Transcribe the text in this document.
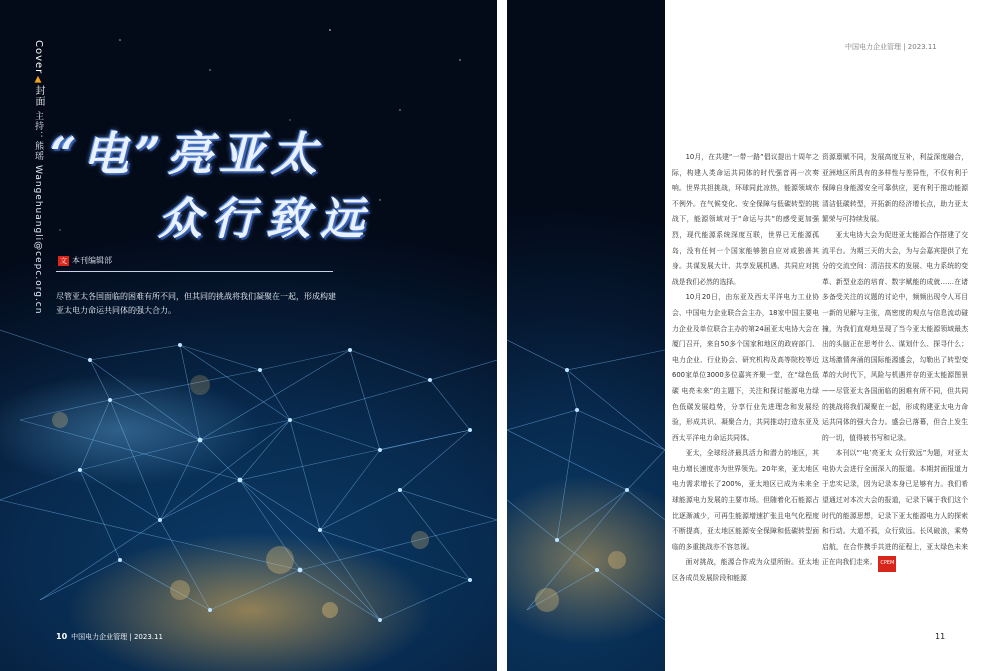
Cover▲封面 主持：熊瑶 Wangehuangli@cepc.org.cn
“电”亮亚太
众行致远
文 本刊编辑部
尽管亚太各国面临的困难有所不同，但其同的挑战将我们凝聚在一起，形成构建亚太电力命运共同体的强大合力。
10 中国电力企业管理 | 2023.11
中国电力企业管理 | 2023.11

10月，在共建“一带一路”倡议提出十周年之际，构建人类命运共同体的时代强音再一次奏响。世界共担挑战，环球同此凉热，能源领域亦不例外。在气候变化、安全保障与低碳转型的挑战下，能源领域对于“命运与共”的感受更加强烈，现代能源系统深度互联，世界已无能源孤岛，没有任何一个国家能够独自应对或独善其身。共谋发展大计、共享发展机遇、共同应对挑战是我们必然的选择。

10月20日，由东亚及西太平洋电力工业协会、中国电力企业联合会主办，18家中国主要电力企业及单位联合主办的第24届亚太电协大会在厦门召开，来自50多个国家和地区的政府部门、电力企业、行业协会、研究机构及高等院校等近600家单位3000多位嘉宾齐聚一堂，在“绿色低碳 电亮未来”的主题下，关注和探讨能源电力绿色低碳发展趋势，分享行业先进理念和发展经验，形成共识、凝聚合力，共同推动打造东亚及西太平洋电力命运共同体。

亚太，全球经济最具活力和潜力的地区，其电力增长速度亦为世界领先。20年来，亚太地区电力需求增长了200%，亚太地区已成为未来全球能源电力发展的主要市场。但随着化石能源占比逐渐减少，可再生能源增速扩张且电气化程度不断提高，亚太地区能源安全保障和低碳转型面临的多重挑战亦不容忽视。

面对挑战，能源合作成为众望所盼。亚太地区各成员发展阶段和能源

资源禀赋不同，发展高度互补，利益深度融合，亚洲地区所具有的多样性与差异性，不仅有利于保障自身能源安全可靠供应，更有利于推动能源清洁低碳转型，开拓新的经济增长点，助力亚太繁荣与可持续发展。

亚太电协大会为促进亚太能源合作搭建了交流平台。为期三天的大会，为与会嘉宾提供了充分的交流空间：清洁技术的发展、电力系统的变革、新型业态的培育、数字赋能的成就……在诸多备受关注的议题的讨论中，频频出现令人耳目一新的见解与主张，高密度的观点与信息流动碰撞，为我们直观地呈现了当今亚太能源领域最杰出的头脑正在思考什么、谋划什么、探寻什么；这场激情奔涌的国际能源盛会，勾勒出了转型变革的大时代下，风险与机遇并存的亚太能源图景——尽管亚太各国面临的困难有所不同，但共同的挑战将我们凝聚在一起，形成构建亚太电力命运共同体的强大合力。盛会已落幕，但合上发生的一切，值得被书写和记录。

本刊以“‘电’亮亚太 众行致远”为题，对亚太电协大会进行全面深入的报道。本期封面报道力于忠实记录，因为记录本身已足够有力。我们希望通过对本次大会的报道，记录下属于我们这个时代的能源思想，记录下亚太能源电力人的探索和行动。大道不孤，众行致远。长风破浪，乘势启航，在合作携手共进的征程上，亚太绿色未来正在向我们走来。 CPEM

11
